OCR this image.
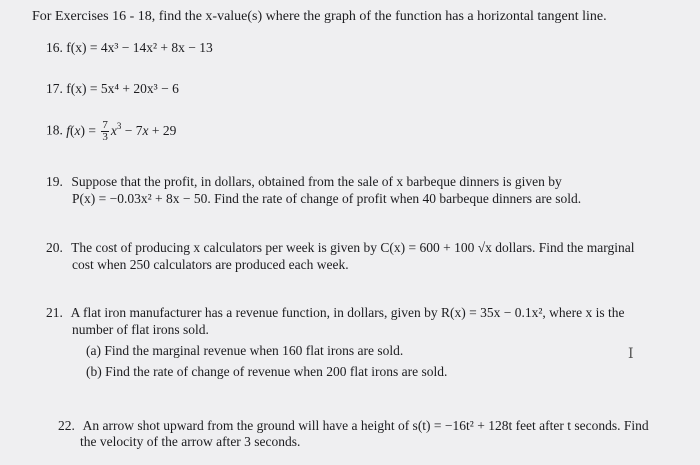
For Exercises 16 - 18, find the x-value(s) where the graph of the function has a horizontal tangent line.
16. f(x) = 4x³ − 14x² + 8x − 13
17. f(x) = 5x⁴ + 20x³ − 6
18. $f(x) = \frac{7}{3} x^3 - 7x + 29$
19. Suppose that the profit, in dollars, obtained from the sale of x barbeque dinners is given by
P(x) = −0.03x² + 8x − 50. Find the rate of change of profit when 40 barbeque dinners are sold.
20. The cost of producing x calculators per week is given by C(x) = 600 + 100 √x dollars. Find the marginal
cost when 250 calculators are produced each week.
21. A flat iron manufacturer has a revenue function, in dollars, given by R(x) = 35x − 0.1x², where x is the
number of flat irons sold.
(a) Find the marginal revenue when 160 flat irons are sold.
(b) Find the rate of change of revenue when 200 flat irons are sold.
I
22. An arrow shot upward from the ground will have a height of s(t) = −16t² + 128t feet after t seconds. Find
the velocity of the arrow after 3 seconds.
